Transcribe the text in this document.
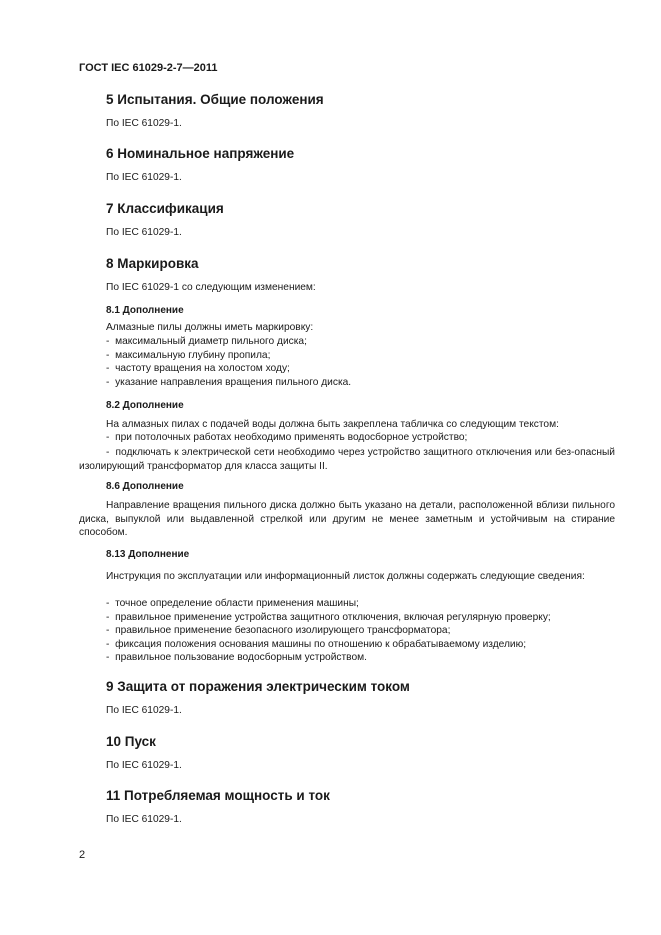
ГОСТ IEC 61029-2-7—2011
5 Испытания. Общие положения
По IEC 61029-1.
6 Номинальное напряжение
По IEC 61029-1.
7 Классификация
По IEC 61029-1.
8 Маркировка
По IEC 61029-1 со следующим изменением:
8.1 Дополнение
Алмазные пилы должны иметь маркировку:
-  максимальный диаметр пильного диска;
-  максимальную глубину пропила;
-  частоту вращения на холостом ходу;
-  указание направления вращения пильного диска.
8.2 Дополнение
На алмазных пилах с подачей воды должна быть закреплена табличка со следующим текстом:
-  при потолочных работах необходимо применять водосборное устройство;
-  подключать к электрической сети необходимо через устройство защитного отключения или без-опасный изолирующий трансформатор для класса защиты II.
8.6 Дополнение
Направление вращения пильного диска должно быть указано на детали, расположенной вблизи пильного диска, выпуклой или выдавленной стрелкой или другим не менее заметным и устойчивым на стирание способом.
8.13 Дополнение
Инструкция по эксплуатации или информационный листок должны содержать следующие сведения:
-  точное определение области применения машины;
-  правильное применение устройства защитного отключения, включая регулярную проверку;
-  правильное применение безопасного изолирующего трансформатора;
-  фиксация положения основания машины по отношению к обрабатываемому изделию;
-  правильное пользование водосборным устройством.
9 Защита от поражения электрическим током
По IEC 61029-1.
10 Пуск
По IEC 61029-1.
11 Потребляемая мощность и ток
По IEC 61029-1.
2
